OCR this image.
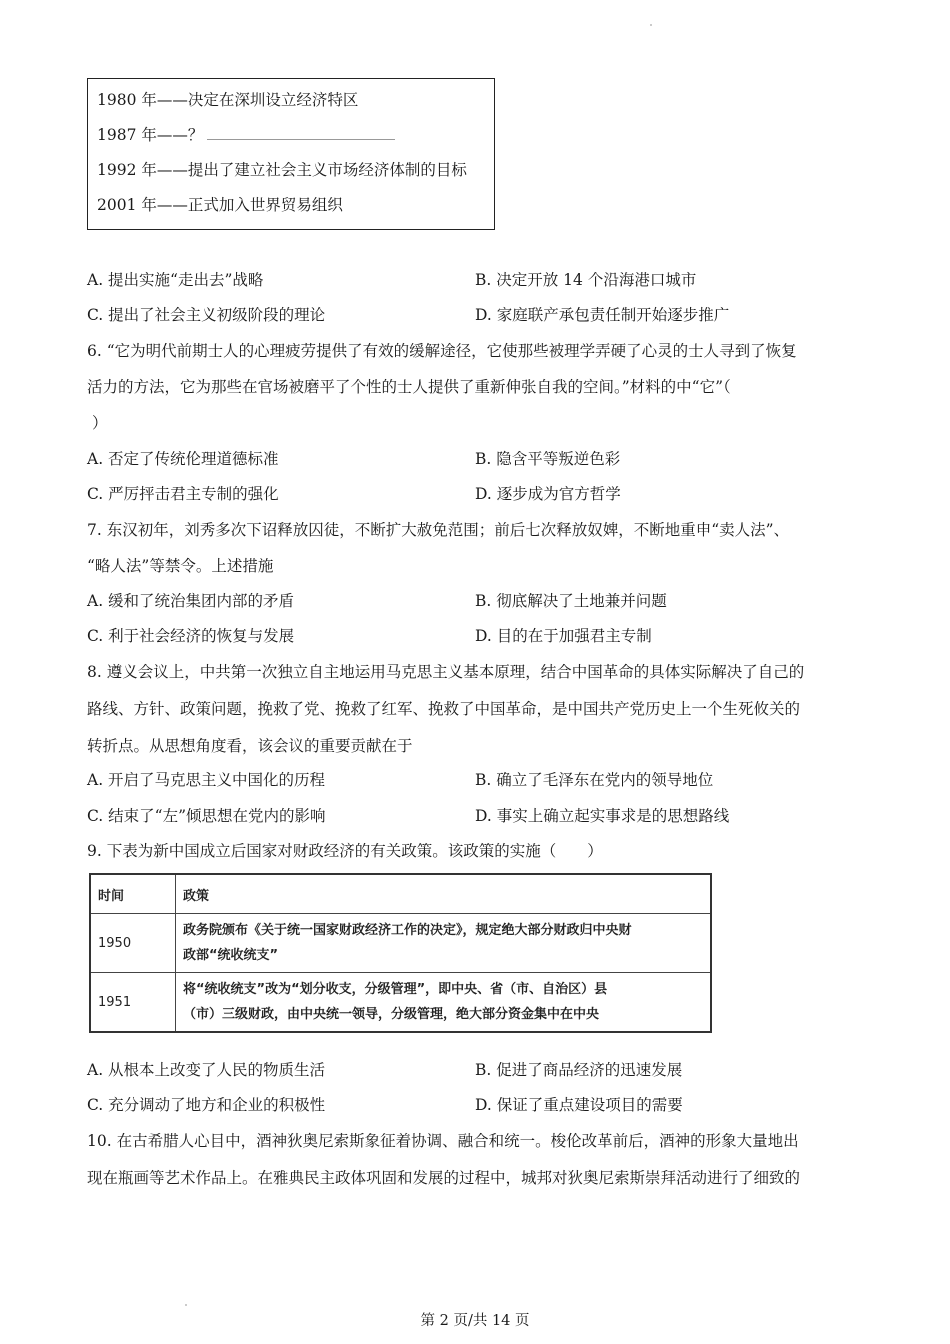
1980 年——决定在深圳设立经济特区
1987 年——？
1992 年——提出了建立社会主义市场经济体制的目标
2001 年——正式加入世界贸易组织
A. 提出实施“走出去”战略	B. 决定开放 14 个沿海港口城市
C. 提出了社会主义初级阶段的理论	D. 家庭联产承包责任制开始逐步推广
6. “它为明代前期士人的心理疲劳提供了有效的缓解途径，它使那些被理学弄硬了心灵的士人寻到了恢复
活力的方法，它为那些在官场被磨平了个性的士人提供了重新伸张自我的空间。”材料的中“它”（
）
A. 否定了传统伦理道德标准	B. 隐含平等叛逆色彩
C. 严厉抨击君主专制的强化	D. 逐步成为官方哲学
7. 东汉初年，刘秀多次下诏释放囚徒，不断扩大赦免范围；前后七次释放奴婢，不断地重申“卖人法”、
“略人法”等禁令。上述措施
A. 缓和了统治集团内部的矛盾	B. 彻底解决了土地兼并问题
C. 利于社会经济的恢复与发展	D. 目的在于加强君主专制
8. 遵义会议上，中共第一次独立自主地运用马克思主义基本原理，结合中国革命的具体实际解决了自己的
路线、方针、政策问题，挽救了党、挽救了红军、挽救了中国革命，是中国共产党历史上一个生死攸关的
转折点。从思想角度看，该会议的重要贡献在于
A. 开启了马克思主义中国化的历程	B. 确立了毛泽东在党内的领导地位
C. 结束了“左”倾思想在党内的影响	D. 事实上确立起实事求是的思想路线
9. 下表为新中国成立后国家对财政经济的有关政策。该政策的实施（　　）
时间	政策
1950	政务院颁布《关于统一国家财政经济工作的决定》，规定绝大部分财政归中央财
政部“统收统支”

1951	将“统收统支”改为“划分收支，分级管理”，即中央、省（市、自治区）县
（市）三级财政，由中央统一领导，分级管理，绝大部分资金集中在中央
A. 从根本上改变了人民的物质生活	B. 促进了商品经济的迅速发展
C. 充分调动了地方和企业的积极性	D. 保证了重点建设项目的需要
10. 在古希腊人心目中，酒神狄奥尼索斯象征着协调、融合和统一。梭伦改革前后，酒神的形象大量地出
现在瓶画等艺术作品上。在雅典民主政体巩固和发展的过程中，城邦对狄奥尼索斯崇拜活动进行了细致的
第 2 页/共 14 页
